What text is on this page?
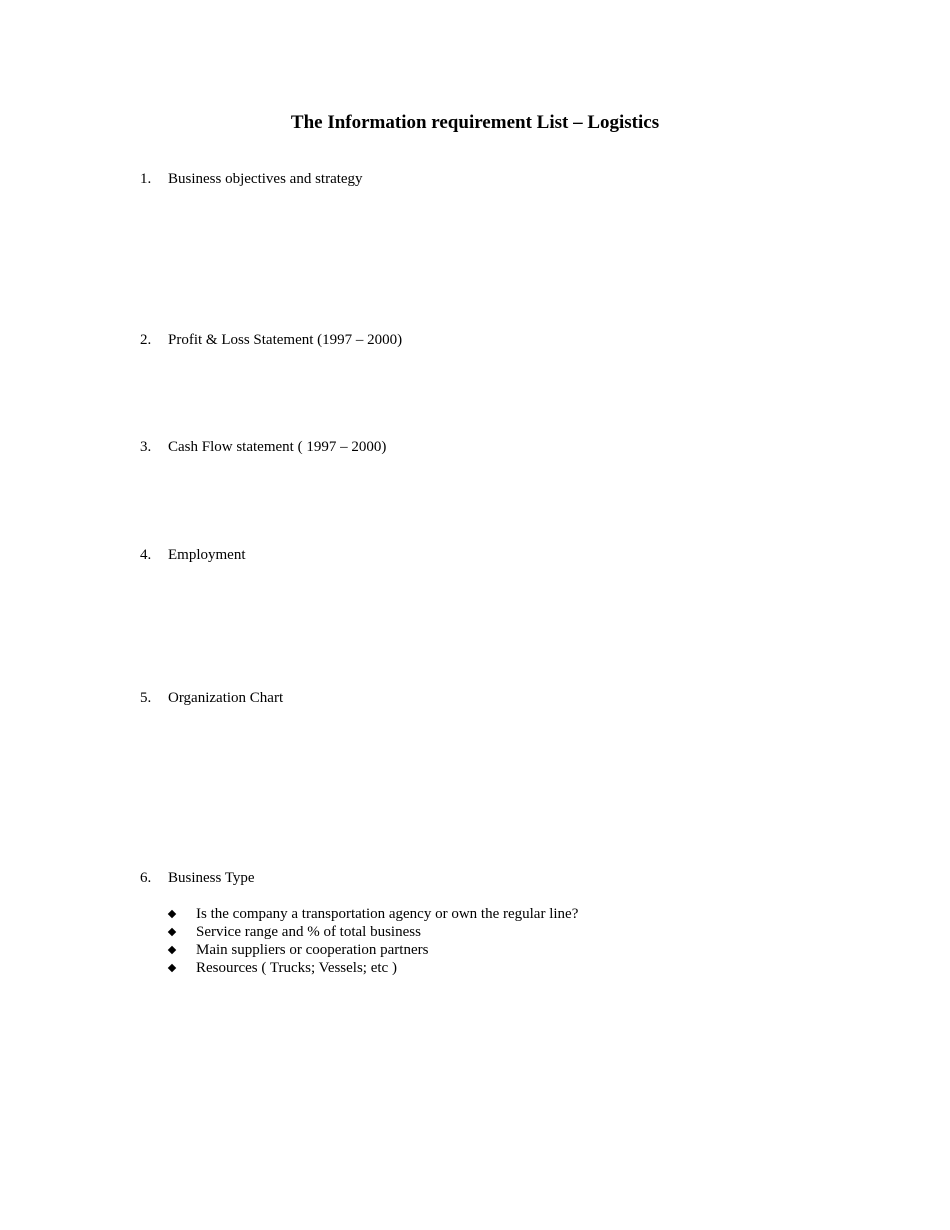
The Information requirement List – Logistics
1. Business objectives and strategy
2. Profit & Loss Statement (1997 – 2000)
3. Cash Flow statement ( 1997 – 2000)
4. Employment
5. Organization Chart
6. Business Type
Is the company a transportation agency or own the regular line?
Service range and % of total business
Main suppliers or cooperation partners
Resources ( Trucks; Vessels; etc )
